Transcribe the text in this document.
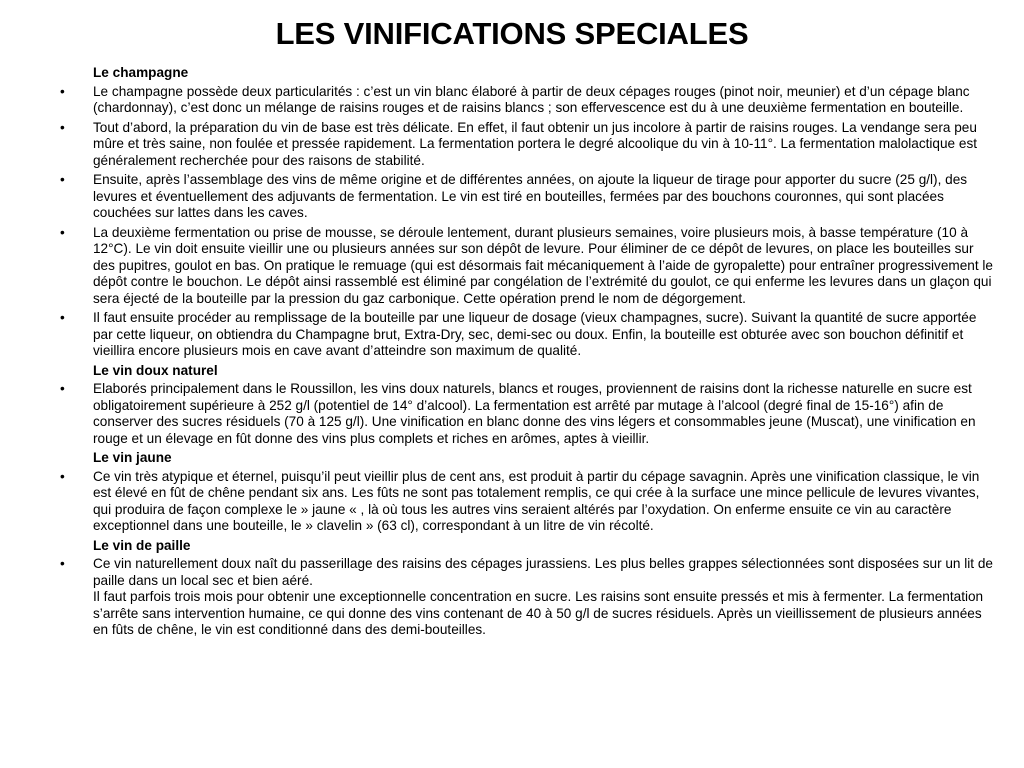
LES VINIFICATIONS SPECIALES
Le champagne
•	Le champagne possède deux particularités : c’est un vin blanc élaboré à partir de deux cépages rouges (pinot noir, meunier) et d’un cépage blanc (chardonnay), c’est donc un mélange de raisins rouges et de raisins blancs ; son effervescence est du à une deuxième fermentation en bouteille.
•	Tout d’abord, la préparation du vin de base est très délicate. En effet, il faut obtenir un jus incolore à partir de raisins rouges. La vendange sera peu mûre et très saine, non foulée et pressée rapidement. La fermentation portera le degré alcoolique du vin à 10-11°. La fermentation malolactique est généralement recherchée pour des raisons de stabilité.
•	Ensuite, après l’assemblage des vins de même origine et de différentes années, on ajoute la liqueur de tirage pour apporter du sucre (25 g/l), des levures et éventuellement des adjuvants de fermentation. Le vin est tiré en bouteilles, fermées par des bouchons couronnes, qui sont placées couchées sur lattes dans les caves.
•	La deuxième fermentation ou prise de mousse, se déroule lentement, durant plusieurs semaines, voire plusieurs mois, à basse température (10 à 12°C). Le vin doit ensuite vieillir une ou plusieurs années sur son dépôt de levure. Pour éliminer de ce dépôt de levures, on place les bouteilles sur des pupitres, goulot en bas. On pratique le remuage (qui est désormais fait mécaniquement à l’aide de gyropalette) pour entraîner progressivement le dépôt contre le bouchon. Le dépôt ainsi rassemblé est éliminé par congélation de l’extrémité du goulot, ce qui enferme les levures dans un glaçon qui sera éjecté de la bouteille par la pression du gaz carbonique. Cette opération prend le nom de dégorgement.
•	Il faut ensuite procéder au remplissage de la bouteille par une liqueur de dosage (vieux champagnes, sucre). Suivant la quantité de sucre apportée par cette liqueur, on obtiendra du Champagne brut, Extra-Dry, sec, demi-sec ou doux. Enfin, la bouteille est obturée avec son bouchon définitif et vieillira encore plusieurs mois en cave avant d’atteindre son maximum de qualité.
Le vin doux naturel
•	Elaborés principalement dans le Roussillon, les vins doux naturels, blancs et rouges, proviennent de raisins dont la richesse naturelle en sucre est obligatoirement supérieure à 252 g/l (potentiel de 14° d’alcool). La fermentation est arrêté par mutage à l’alcool (degré final de 15-16°) afin de conserver des sucres résiduels (70 à 125 g/l). Une vinification en blanc donne des vins légers et consommables jeune (Muscat), une vinification en rouge et un élevage en fût donne des vins plus complets et riches en arômes, aptes à vieillir.
Le vin jaune
•	Ce vin très atypique et éternel, puisqu’il peut vieillir plus de cent ans, est produit à partir du cépage savagnin. Après une vinification classique, le vin est élevé en fût de chêne pendant six ans. Les fûts ne sont pas totalement remplis, ce qui crée à la surface une mince pellicule de levures vivantes, qui produira de façon complexe le » jaune « , là où tous les autres vins seraient altérés par l’oxydation. On enferme ensuite ce vin au caractère exceptionnel dans une bouteille, le » clavelin » (63 cl), correspondant à un litre de vin récolté.
Le vin de paille
•	Ce vin naturellement doux naît du passerillage des raisins des cépages jurassiens. Les plus belles grappes sélectionnées sont disposées sur un lit de paille dans un local sec et bien aéré.
Il faut parfois trois mois pour obtenir une exceptionnelle concentration en sucre. Les raisins sont ensuite pressés et mis à fermenter. La fermentation s’arrête sans intervention humaine, ce qui donne des vins contenant de 40 à 50 g/l de sucres résiduels. Après un vieillissement de plusieurs années en fûts de chêne, le vin est conditionné dans des demi-bouteilles.
